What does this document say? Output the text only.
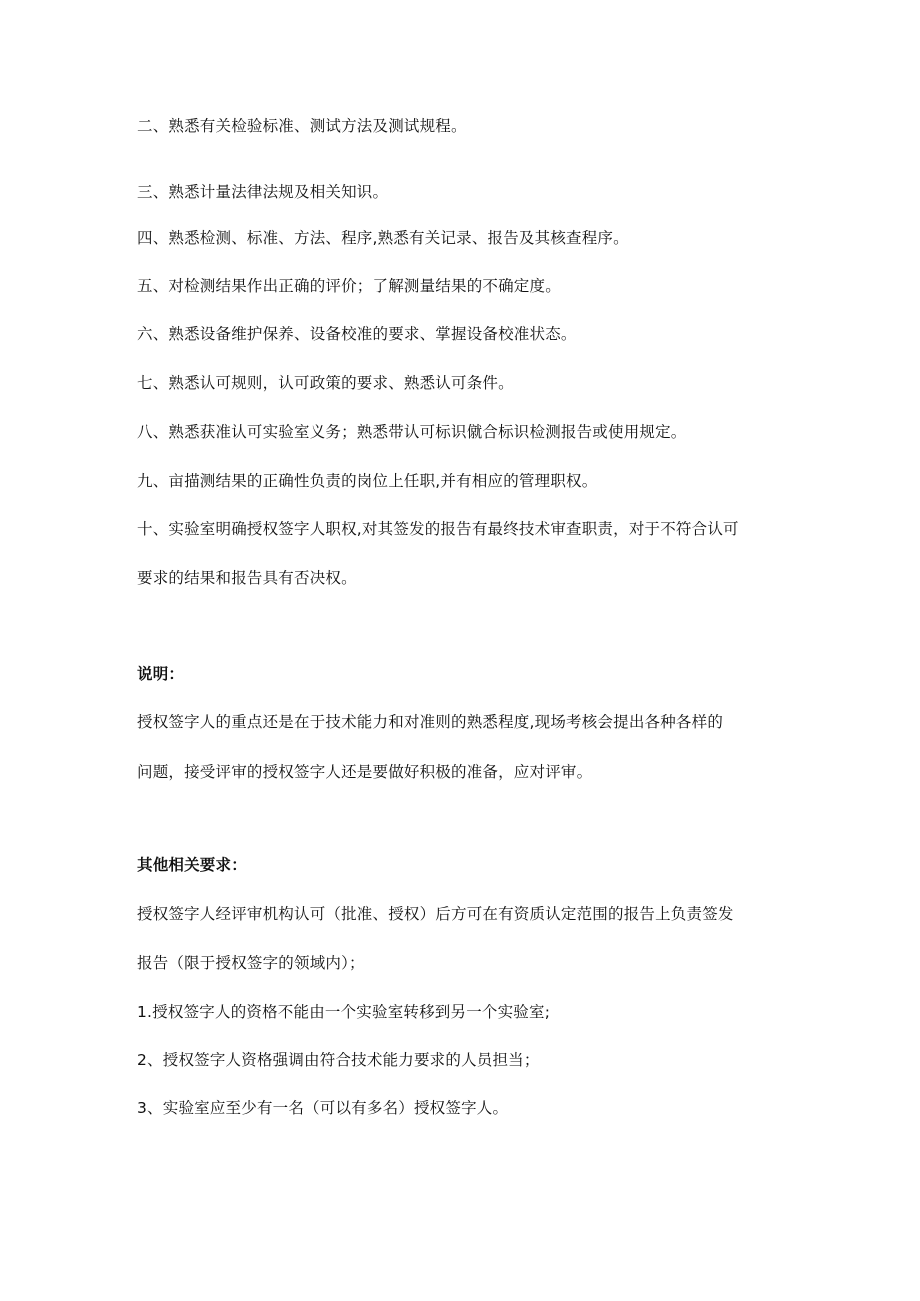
二、熟悉有关检验标准、测试方法及测试规程。
三、熟悉计量法律法规及相关知识。
四、熟悉检测、标准、方法、程序,熟悉有关记录、报告及其核查程序。
五、对检测结果作出正确的评价；了解测量结果的不确定度。
六、熟悉设备维护保养、设备校准的要求、掌握设备校准状态。
七、熟悉认可规则，认可政策的要求、熟悉认可条件。
八、熟悉获准认可实验室义务；熟悉带认可标识僦合标识检测报告或使用规定。
九、亩描测结果的正确性负责的岗位上任职,并有相应的管理职权。
十、实验室明确授权签字人职权,对其签发的报告有最终技术审查职责，对于不符合认可
要求的结果和报告具有否决权。
说明：
授权签字人的重点还是在于技术能力和对准则的熟悉程度,现场考核会提出各种各样的
问题，接受评审的授权签字人还是要做好积极的准备，应对评审。
其他相关要求：
授权签字人经评审机构认可（批准、授权）后方可在有资质认定范围的报告上负责签发
报告（限于授权签字的领域内）；
1.授权签字人的资格不能由一个实验室转移到另一个实验室;
2、授权签字人资格强调由符合技术能力要求的人员担当；
3、实验室应至少有一名（可以有多名）授权签字人。
